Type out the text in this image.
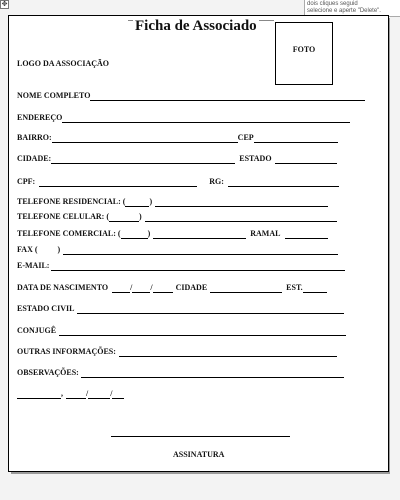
✥	dois cliques seguid
selecione e aperte "Delete".
Ficha de Associado
FOTO
LOGO DA ASSOCIAÇÃO
NOME COMPLETO
ENDEREÇO
BAIRRO:	CEP
CIDADE:	ESTADO
CPF:	RG:
TELEFONE RESIDENCIAL: (	)
TELEFONE CELULAR: (	)
TELEFONE COMERCIAL: (	)	RAMAL
FAX (	)
E-MAIL:
DATA DE NASCIMENTO	/ /	CIDADE	EST.
ESTADO CIVIL
CONJUGÊ
OUTRAS INFORMAÇÕES:
OBSERVAÇÕES:
,	/	/
ASSINATURA
